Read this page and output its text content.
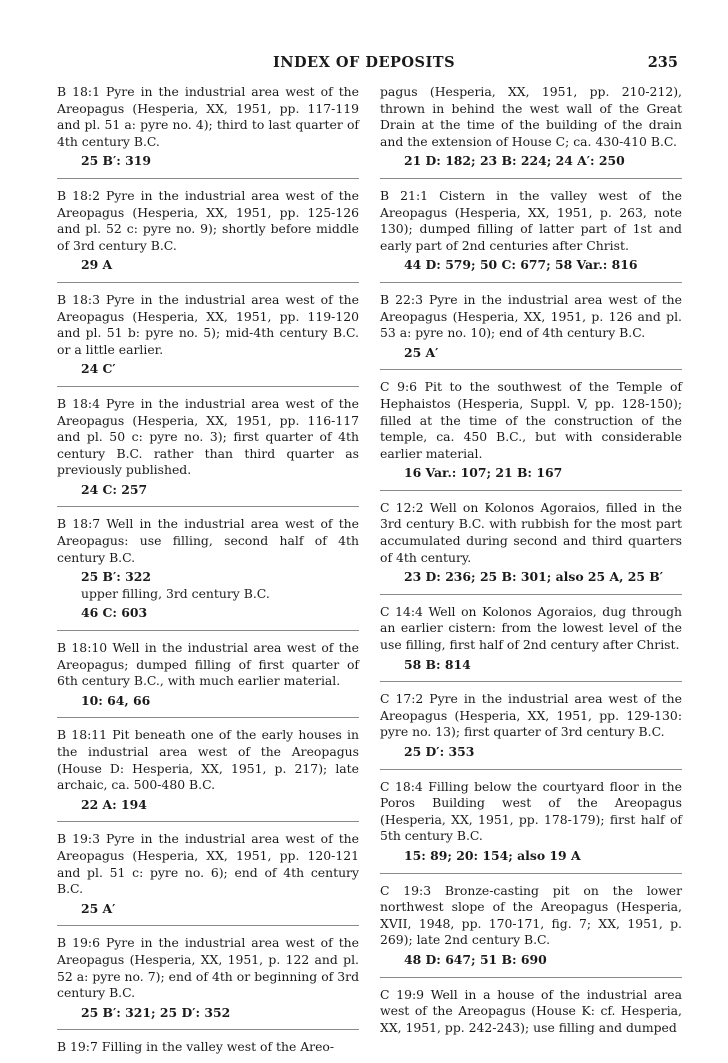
INDEX OF DEPOSITS	235

B 18:1 Pyre in the industrial area west of the Areopagus (Hesperia, XX, 1951, pp. 117-119 and pl. 51 a: pyre no. 4); third to last quarter of 4th century B.C.

25 B′: 319

B 18:2 Pyre in the industrial area west of the Areopagus (Hesperia, XX, 1951, pp. 125-126 and pl. 52 c: pyre no. 9); shortly before middle of 3rd century B.C.

29 A

B 18:3 Pyre in the industrial area west of the Areopagus (Hesperia, XX, 1951, pp. 119-120 and pl. 51 b: pyre no. 5); mid-4th century B.C. or a little earlier.

24 C′

B 18:4 Pyre in the industrial area west of the Areopagus (Hesperia, XX, 1951, pp. 116-117 and pl. 50 c: pyre no. 3); first quarter of 4th century B.C. rather than third quarter as previously published.

24 C: 257

B 18:7 Well in the industrial area west of the Areopagus: use filling, second half of 4th century B.C.

25 B′: 322
upper filling, 3rd century B.C.
46 C: 603

B 18:10 Well in the industrial area west of the Areopagus; dumped filling of first quarter of 6th century B.C., with much earlier material.

10: 64, 66

B 18:11 Pit beneath one of the early houses in the industrial area west of the Areopagus (House D: Hesperia, XX, 1951, p. 217); late archaic, ca. 500-480 B.C.

22 A: 194

B 19:3 Pyre in the industrial area west of the Areopagus (Hesperia, XX, 1951, pp. 120-121 and pl. 51 c: pyre no. 6); end of 4th century B.C.

25 A′

B 19:6 Pyre in the industrial area west of the Areopagus (Hesperia, XX, 1951, p. 122 and pl. 52 a: pyre no. 7); end of 4th or beginning of 3rd century B.C.

25 B′: 321; 25 D′: 352

B 19:7 Filling in the valley west of the Areo-

pagus (Hesperia, XX, 1951, pp. 210-212), thrown in behind the west wall of the Great Drain at the time of the building of the drain and the extension of House C; ca. 430-410 B.C.

21 D: 182; 23 B: 224; 24 A′: 250

B 21:1 Cistern in the valley west of the Areopagus (Hesperia, XX, 1951, p. 263, note 130); dumped filling of latter part of 1st and early part of 2nd centuries after Christ.

44 D: 579; 50 C: 677; 58 Var.: 816

B 22:3 Pyre in the industrial area west of the Areopagus (Hesperia, XX, 1951, p. 126 and pl. 53 a: pyre no. 10); end of 4th century B.C.

25 A′

C 9:6 Pit to the southwest of the Temple of Hephaistos (Hesperia, Suppl. V, pp. 128-150); filled at the time of the construction of the temple, ca. 450 B.C., but with considerable earlier material.

16 Var.: 107; 21 B: 167

C 12:2 Well on Kolonos Agoraios, filled in the 3rd century B.C. with rubbish for the most part accumulated during second and third quarters of 4th century.

23 D: 236; 25 B: 301; also 25 A, 25 B′

C 14:4 Well on Kolonos Agoraios, dug through an earlier cistern: from the lowest level of the use filling, first half of 2nd century after Christ.

58 B: 814

C 17:2 Pyre in the industrial area west of the Areopagus (Hesperia, XX, 1951, pp. 129-130: pyre no. 13); first quarter of 3rd century B.C.

25 D′: 353

C 18:4 Filling below the courtyard floor in the Poros Building west of the Areopagus (Hesperia, XX, 1951, pp. 178-179); first half of 5th century B.C.

15: 89; 20: 154; also 19 A

C 19:3 Bronze-casting pit on the lower northwest slope of the Areopagus (Hesperia, XVII, 1948, pp. 170-171, fig. 7; XX, 1951, p. 269); late 2nd century B.C.

48 D: 647; 51 B: 690

C 19:9 Well in a house of the industrial area west of the Areopagus (House K: cf. Hesperia, XX, 1951, pp. 242-243); use filling and dumped
